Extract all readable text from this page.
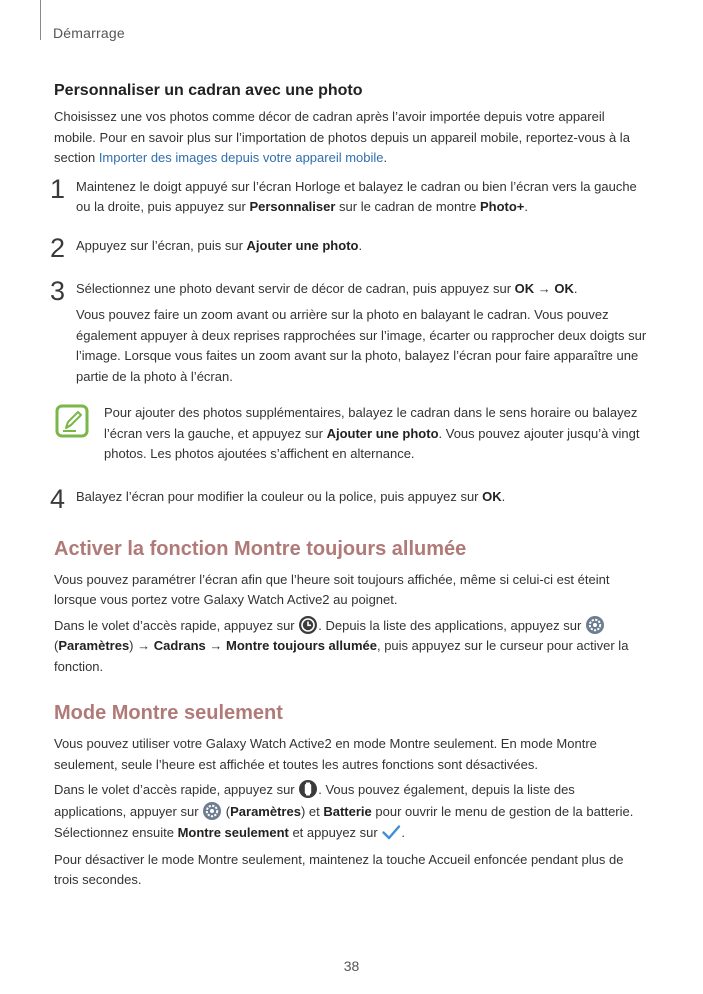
Démarrage
Personnaliser un cadran avec une photo

Choisissez une vos photos comme décor de cadran après l’avoir importée depuis votre appareil mobile. Pour en savoir plus sur l’importation de photos depuis un appareil mobile, reportez-vous à la section Importer des images depuis votre appareil mobile.

1 Maintenez le doigt appuyé sur l’écran Horloge et balayez le cadran ou bien l’écran vers la gauche ou la droite, puis appuyez sur Personnaliser sur le cadran de montre Photo+.

2 Appuyez sur l’écran, puis sur Ajouter une photo.

3 Sélectionnez une photo devant servir de décor de cadran, puis appuyez sur OK → OK.

Vous pouvez faire un zoom avant ou arrière sur la photo en balayant le cadran. Vous pouvez également appuyer à deux reprises rapprochées sur l’image, écarter ou rapprocher deux doigts sur l’image. Lorsque vous faites un zoom avant sur la photo, balayez l’écran pour faire apparaître une partie de la photo à l’écran.

Pour ajouter des photos supplémentaires, balayez le cadran dans le sens horaire ou balayez l’écran vers la gauche, et appuyez sur Ajouter une photo. Vous pouvez ajouter jusqu’à vingt photos. Les photos ajoutées s’affichent en alternance.

4 Balayez l’écran pour modifier la couleur ou la police, puis appuyez sur OK.

Activer la fonction Montre toujours allumée

Vous pouvez paramétrer l’écran afin que l’heure soit toujours affichée, même si celui-ci est éteint lorsque vous portez votre Galaxy Watch Active2 au poignet.

Dans le volet d’accès rapide, appuyez sur . Depuis la liste des applications, appuyez sur  (Paramètres) → Cadrans → Montre toujours allumée, puis appuyez sur le curseur pour activer la fonction.

Mode Montre seulement

Vous pouvez utiliser votre Galaxy Watch Active2 en mode Montre seulement. En mode Montre seulement, seule l’heure est affichée et toutes les autres fonctions sont désactivées.

Dans le volet d’accès rapide, appuyez sur . Vous pouvez également, depuis la liste des applications, appuyer sur  (Paramètres) et Batterie pour ouvrir le menu de gestion de la batterie. Sélectionnez ensuite Montre seulement et appuyez sur .

Pour désactiver le mode Montre seulement, maintenez la touche Accueil enfoncée pendant plus de trois secondes.

38
